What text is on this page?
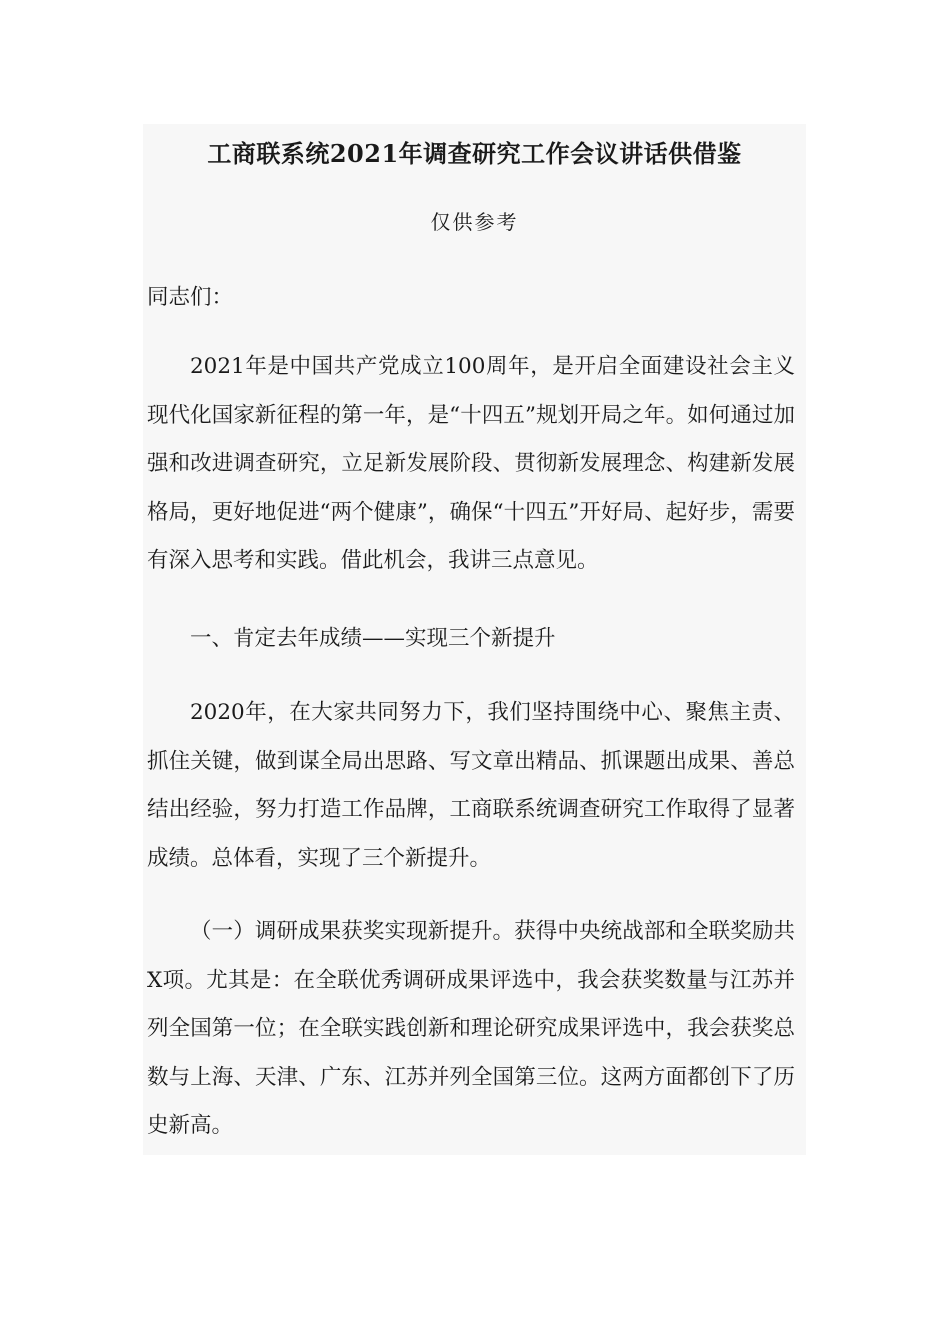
工商联系统2021年调查研究工作会议讲话供借鉴
仅供参考

同志们：

2021年是中国共产党成立100周年，是开启全面建设社会主义现代化国家新征程的第一年，是“十四五”规划开局之年。如何通过加强和改进调查研究，立足新发展阶段、贯彻新发展理念、构建新发展格局，更好地促进“两个健康”，确保“十四五”开好局、起好步，需要有深入思考和实践。借此机会，我讲三点意见。

一、肯定去年成绩——实现三个新提升

2020年，在大家共同努力下，我们坚持围绕中心、聚焦主责、抓住关键，做到谋全局出思路、写文章出精品、抓课题出成果、善总结出经验，努力打造工作品牌，工商联系统调查研究工作取得了显著成绩。总体看，实现了三个新提升。

（一）调研成果获奖实现新提升。获得中央统战部和全联奖励共X项。尤其是：在全联优秀调研成果评选中，我会获奖数量与江苏并列全国第一位；在全联实践创新和理论研究成果评选中，我会获奖总数与上海、天津、广东、江苏并列全国第三位。这两方面都创下了历史新高。
